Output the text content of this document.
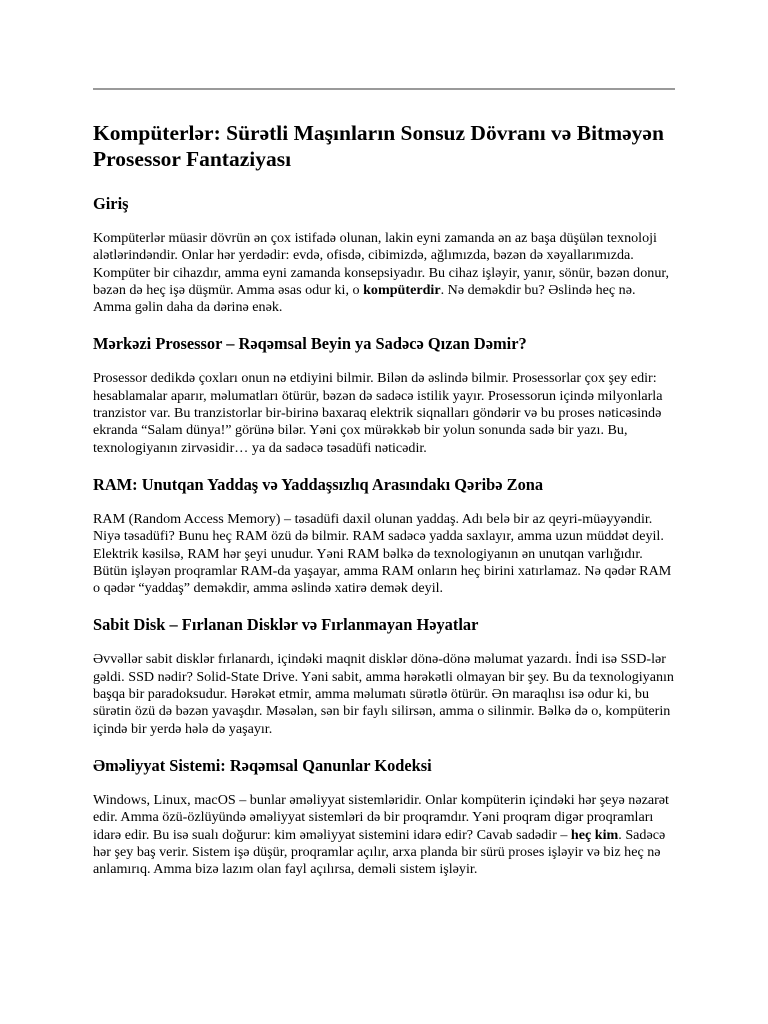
Kompüterlər: Sürətli Maşınların Sonsuz Dövranı və Bitməyən Prosessor Fantaziyası
Giriş

Kompüterlər müasir dövrün ən çox istifadə olunan, lakin eyni zamanda ən az başa düşülən texnoloji alətlərindəndir. Onlar hər yerdədir: evdə, ofisdə, cibimizdə, ağlımızda, bəzən də xəyallarımızda. Kompüter bir cihazdır, amma eyni zamanda konsepsiyadır. Bu cihaz işləyir, yanır, sönür, bəzən donur, bəzən də heç işə düşmür. Amma əsas odur ki, o kompüterdir. Nə deməkdir bu? Əslində heç nə. Amma gəlin daha da dərinə enək.

Mərkəzi Prosessor – Rəqəmsal Beyin ya Sadəcə Qızan Dəmir?

Prosessor dedikdə çoxları onun nə etdiyini bilmir. Bilən də əslində bilmir. Prosessorlar çox şey edir: hesablamalar aparır, məlumatları ötürür, bəzən də sadəcə istilik yayır. Prosessorun içində milyonlarla tranzistor var. Bu tranzistorlar bir-birinə baxaraq elektrik siqnalları göndərir və bu proses nəticəsində ekranda “Salam dünya!” görünə bilər. Yəni çox mürəkkəb bir yolun sonunda sadə bir yazı. Bu, texnologiyanın zirvəsidir… ya da sadəcə təsadüfi nəticədir.

RAM: Unutqan Yaddaş və Yaddaşsızlıq Arasındakı Qəribə Zona

RAM (Random Access Memory) – təsadüfi daxil olunan yaddaş. Adı belə bir az qeyri-müəyyəndir. Niyə təsadüfi? Bunu heç RAM özü də bilmir. RAM sadəcə yadda saxlayır, amma uzun müddət deyil. Elektrik kəsilsə, RAM hər şeyi unudur. Yəni RAM bəlkə də texnologiyanın ən unutqan varlığıdır. Bütün işləyən proqramlar RAM-da yaşayar, amma RAM onların heç birini xatırlamaz. Nə qədər RAM o qədər “yaddaş” deməkdir, amma əslində xatirə demək deyil.

Sabit Disk – Fırlanan Disklər və Fırlanmayan Həyatlar

Əvvəllər sabit disklər fırlanardı, içindəki maqnit disklər dönə-dönə məlumat yazardı. İndi isə SSD-lər gəldi. SSD nədir? Solid-State Drive. Yəni sabit, amma hərəkətli olmayan bir şey. Bu da texnologiyanın başqa bir paradoksudur. Hərəkət etmir, amma məlumatı sürətlə ötürür. Ən maraqlısı isə odur ki, bu sürətin özü də bəzən yavaşdır. Məsələn, sən bir faylı silirsən, amma o silinmir. Bəlkə də o, kompüterin içində bir yerdə hələ də yaşayır.

Əməliyyat Sistemi: Rəqəmsal Qanunlar Kodeksi

Windows, Linux, macOS – bunlar əməliyyat sistemləridir. Onlar kompüterin içindəki hər şeyə nəzarət edir. Amma özü-özlüyündə əməliyyat sistemləri də bir proqramdır. Yəni proqram digər proqramları idarə edir. Bu isə sualı doğurur: kim əməliyyat sistemini idarə edir? Cavab sadədir – heç kim. Sadəcə hər şey baş verir. Sistem işə düşür, proqramlar açılır, arxa planda bir sürü proses işləyir və biz heç nə anlamırıq. Amma bizə lazım olan fayl açılırsa, deməli sistem işləyir.
